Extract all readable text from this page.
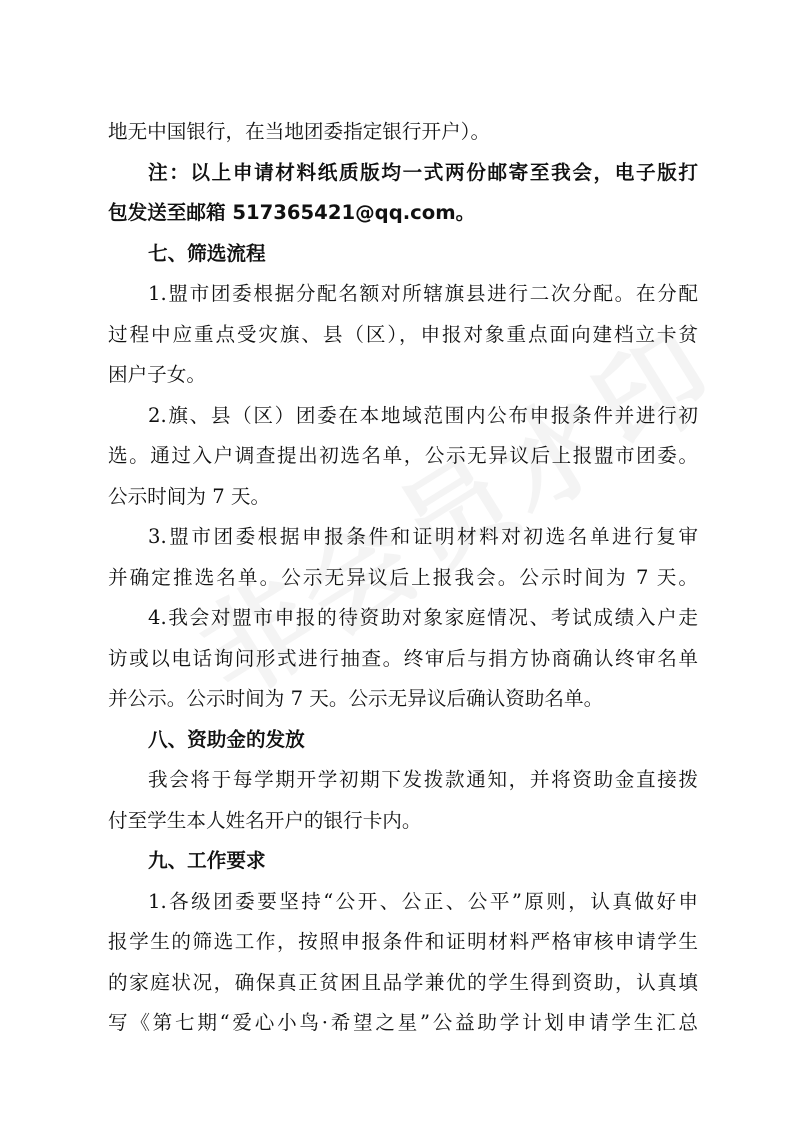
地无中国银行，在当地团委指定银行开户）。
注：以上申请材料纸质版均一式两份邮寄至我会，电子版打
包发送至邮箱 517365421@qq.com。
七、筛选流程
1.盟市团委根据分配名额对所辖旗县进行二次分配。在分配
过程中应重点受灾旗、县（区），申报对象重点面向建档立卡贫
困户子女。
2.旗、县（区）团委在本地域范围内公布申报条件并进行初
选。通过入户调查提出初选名单，公示无异议后上报盟市团委。
公示时间为 7 天。
3.盟市团委根据申报条件和证明材料对初选名单进行复审
并确定推选名单。公示无异议后上报我会。公示时间为 7 天。
4.我会对盟市申报的待资助对象家庭情况、考试成绩入户走
访或以电话询问形式进行抽查。终审后与捐方协商确认终审名单
并公示。公示时间为 7 天。公示无异议后确认资助名单。
八、资助金的发放
我会将于每学期开学初期下发拨款通知，并将资助金直接拨
付至学生本人姓名开户的银行卡内。
九、工作要求
1.各级团委要坚持“公开、公正、公平”原则，认真做好申
报学生的筛选工作，按照申报条件和证明材料严格审核申请学生
的家庭状况，确保真正贫困且品学兼优的学生得到资助，认真填
写《第七期“爱心小鸟·希望之星”公益助学计划申请学生汇总
